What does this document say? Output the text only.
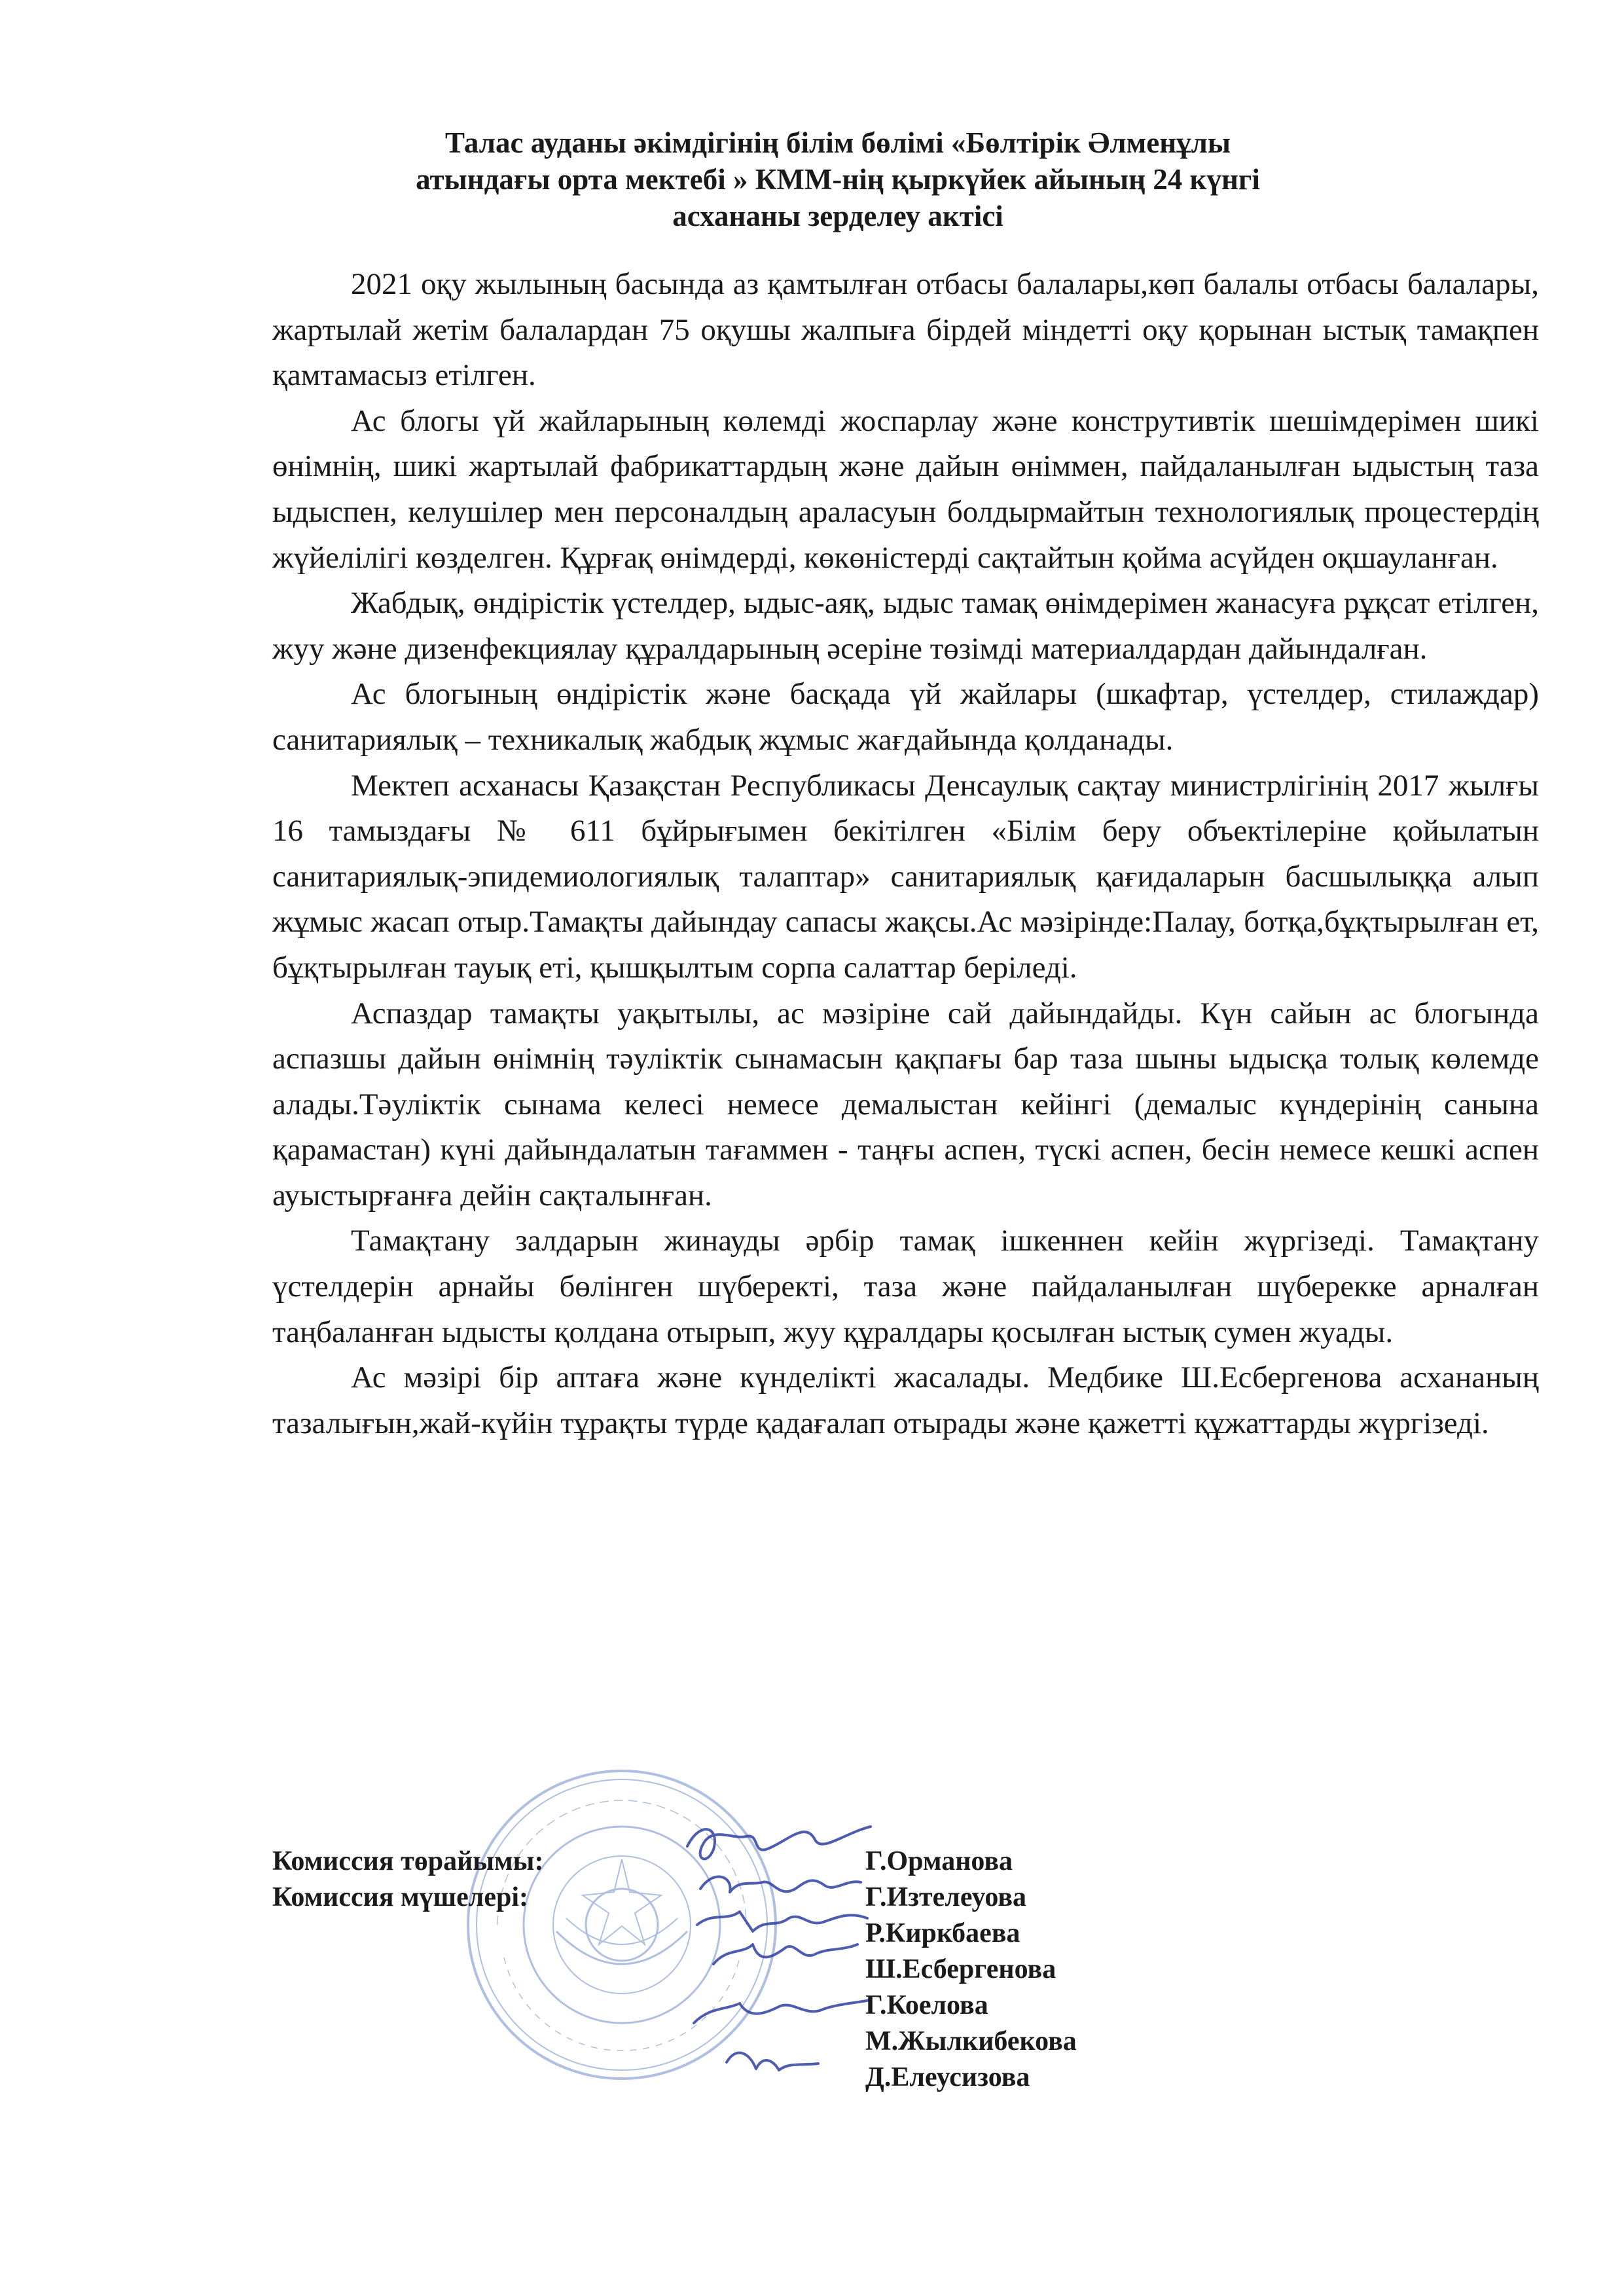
Талас ауданы әкімдігінің білім бөлімі «Бөлтірік Әлменұлы
атындағы орта мектебі » КММ-нің қыркүйек айының 24 күнгі
асхананы зерделеу актісі

2021 оқу жылының басында аз қамтылған отбасы балалары,көп балалы отбасы балалары, жартылай жетім балалардан 75 оқушы жалпыға бірдей міндетті оқу қорынан ыстық тамақпен қамтамасыз етілген.

Ас блогы үй жайларының көлемді жоспарлау және конструтивтік шешімдерімен шикі өнімнің, шикі жартылай фабрикаттардың және дайын өніммен, пайдаланылған ыдыстың таза ыдыспен, келушілер мен персоналдың араласуын болдырмайтын технологиялық процестердің жүйелілігі көзделген. Құрғақ өнімдерді, көкөністерді сақтайтын қойма асүйден оқшауланған.

Жабдық, өндірістік үстелдер, ыдыс-аяқ, ыдыс тамақ өнімдерімен жанасуға рұқсат етілген, жуу және дизенфекциялау құралдарының әсеріне төзімді материалдардан дайындалған.

Ас блогының өндірістік және басқада үй жайлары (шкафтар, үстелдер, стилаждар) санитариялық – техникалық жабдық жұмыс жағдайында қолданады.

Мектеп асханасы Қазақстан Республикасы Денсаулық сақтау министрлігінің 2017 жылғы 16 тамыздағы № 611 бұйрығымен бекітілген «Білім беру объектілеріне қойылатын санитариялық-эпидемиологиялық талаптар» санитариялық қағидаларын басшылыққа алып жұмыс жасап отыр.Тамақты дайындау сапасы жақсы.Ас мәзірінде:Палау, ботқа,бұқтырылған ет, бұқтырылған тауық еті, қышқылтым сорпа салаттар беріледі.

Аспаздар тамақты уақытылы, ас мәзіріне сай дайындайды. Күн сайын ас блогында аспазшы дайын өнімнің тәуліктік сынамасын қақпағы бар таза шыны ыдысқа толық көлемде алады.Тәуліктік сынама келесі немесе демалыстан кейінгі (демалыс күндерінің санына қарамастан) күні дайындалатын тағаммен - таңғы аспен, түскі аспен, бесін немесе кешкі аспен ауыстырғанға дейін сақталынған.

Тамақтану залдарын жинауды әрбір тамақ ішкеннен кейін жүргізеді. Тамақтану үстелдерін арнайы бөлінген шүберекті, таза және пайдаланылған шүберекке арналған таңбаланған ыдысты қолдана отырып, жуу құралдары қосылған ыстық сумен жуады.

Ас мәзірі бір аптаға және күнделікті жасалады. Медбике Ш.Есбергенова асхананың тазалығын,жай-күйін тұрақты түрде қадағалап отырады және қажетті құжаттарды жүргізеді.

Комиссия төрайымы:	Г.Орманова
Комиссия мүшелері:	Г.Изтелеуова
Р.Киркбаева
Ш.Есбергенова
Г.Коелова
М.Жылкибекова
Д.Елеусизова
